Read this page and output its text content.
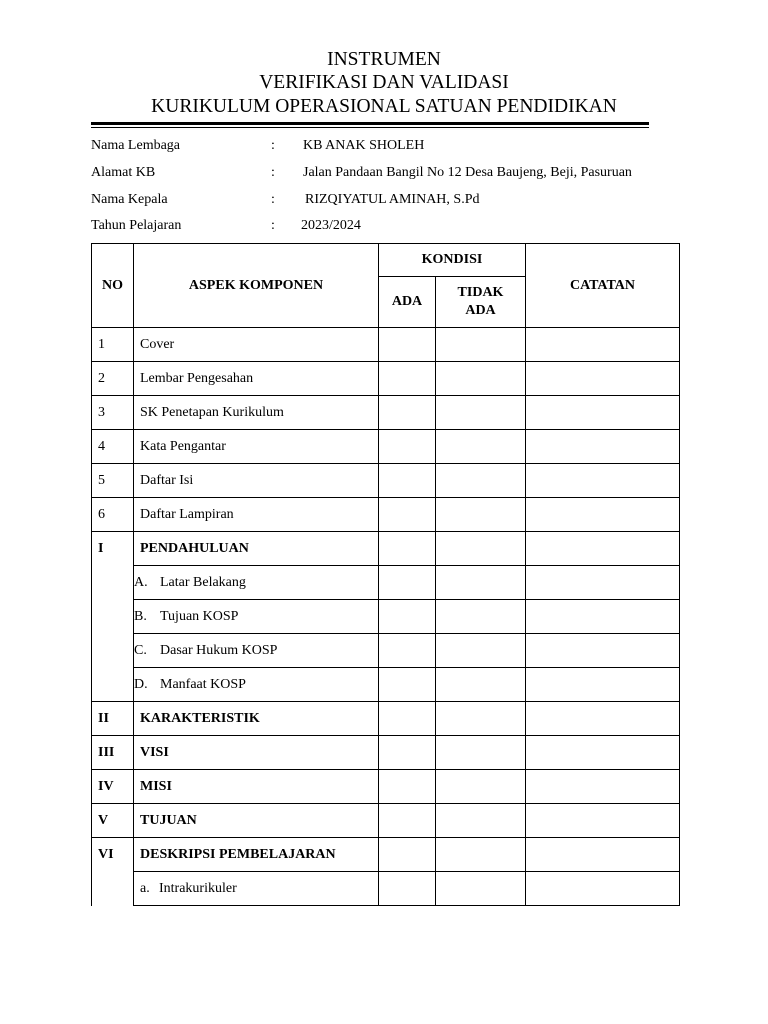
INSTRUMEN
VERIFIKASI DAN VALIDASI
KURIKULUM OPERASIONAL SATUAN PENDIDIKAN
Nama Lembaga	: KB ANAK SHOLEH
Alamat KB	: Jalan Pandaan Bangil No 12 Desa Baujeng, Beji, Pasuruan
Nama Kepala	: RIZQIYATUL AMINAH, S.Pd
Tahun Pelajaran	: 2023/2024
NO	ASPEK KOMPONEN	KONDISI		CATATAN
		ADA	TIDAK ADA	
1	Cover			
2	Lembar Pengesahan			
3	SK Penetapan Kurikulum			
4	Kata Pengantar			
5	Daftar Isi			
6	Daftar Lampiran			
I	PENDAHULUAN			

	A. Latar Belakang			

	B. Tujuan KOSP			

	C. Dasar Hukum KOSP			

	D. Manfaat KOSP			

II	KARAKTERISTIK			
III	VISI			
IV	MISI			
V	TUJUAN			
VI	DESKRIPSI PEMBELAJARAN			

	a. Intrakurikuler			
